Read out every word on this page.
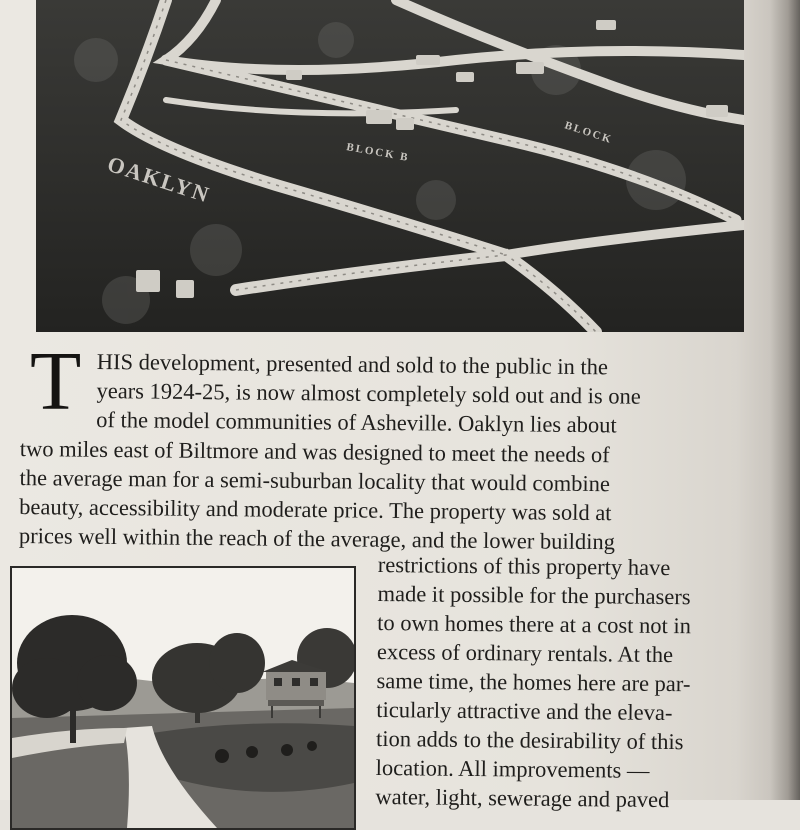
OAKLYN	BLOCK B
BLOCK
T HIS development, presented and sold to the public in the
years 1924-25, is now almost completely sold out and is one
of the model communities of Asheville. Oaklyn lies about
two miles east of Biltmore and was designed to meet the needs of
the average man for a semi-suburban locality that would combine
beauty, accessibility and moderate price. The property was sold at
prices well within the reach of the average, and the lower building
restrictions of this property have
made it possible for the purchasers
to own homes there at a cost not in
excess of ordinary rentals. At the
same time, the homes here are par-
ticularly attractive and the eleva-
tion adds to the desirability of this
location. All improvements —
water, light, sewerage and paved
